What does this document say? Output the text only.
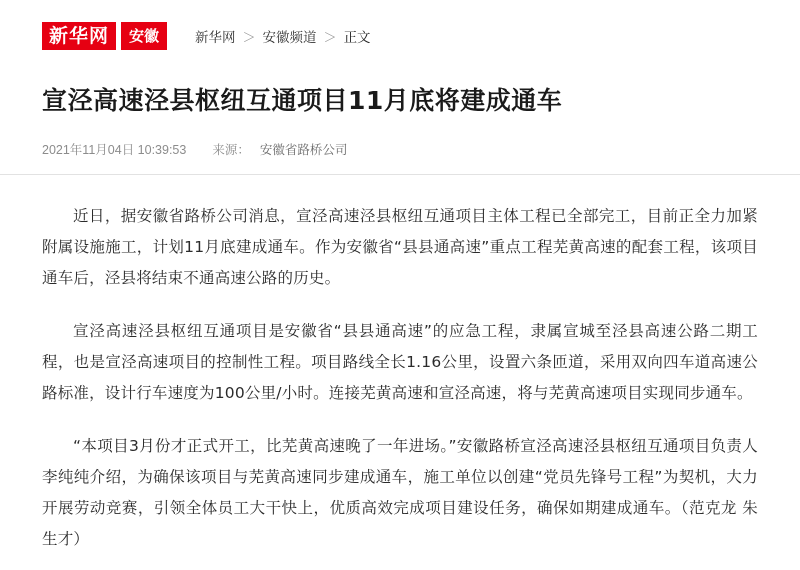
新华网	安徽	新华网 ＞ 安徽频道 ＞ 正文
宣泾高速泾县枢纽互通项目11月底将建成通车
2021年11月04日 10:39:53 来源： 安徽省路桥公司

近日，据安徽省路桥公司消息，宣泾高速泾县枢纽互通项目主体工程已全部完工，目前正全力加紧附属设施施工，计划11月底建成通车。作为安徽省“县县通高速”重点工程芜黄高速的配套工程，该项目通车后，泾县将结束不通高速公路的历史。

宣泾高速泾县枢纽互通项目是安徽省“县县通高速”的应急工程，隶属宣城至泾县高速公路二期工程，也是宣泾高速项目的控制性工程。项目路线全长1.16公里，设置六条匝道，采用双向四车道高速公路标准，设计行车速度为100公里/小时。连接芜黄高速和宣泾高速，将与芜黄高速项目实现同步通车。

“本项目3月份才正式开工，比芜黄高速晚了一年进场。”安徽路桥宣泾高速泾县枢纽互通项目负责人李纯纯介绍，为确保该项目与芜黄高速同步建成通车，施工单位以创建“党员先锋号工程”为契机，大力开展劳动竞赛，引领全体员工大干快上，优质高效完成项目建设任务，确保如期建成通车。（范克龙 朱生才）
